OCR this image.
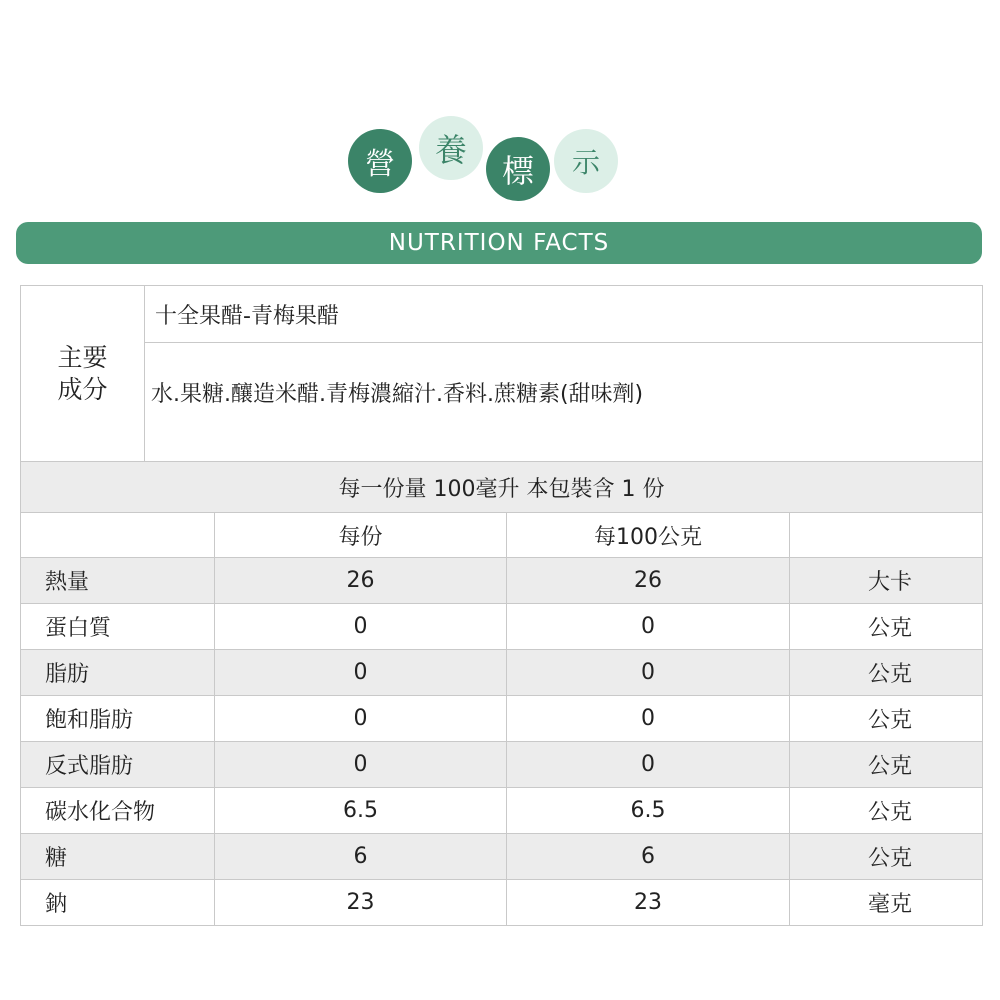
營	養
標	示
NUTRITION FACTS
主要
成分	十全果醋-青梅果醋			

	水.果糖.釀造米醋.青梅濃縮汁.香料.蔗糖素(甜味劑)			

每一份量 100毫升 本包裝含 1 份				
		每份	每100公克	
熱量		26	26	大卡
蛋白質		0	0	公克
脂肪		0	0	公克
飽和脂肪		0	0	公克
反式脂肪		0	0	公克
碳水化合物		6.5	6.5	公克
糖		6	6	公克
鈉		23	23	毫克
